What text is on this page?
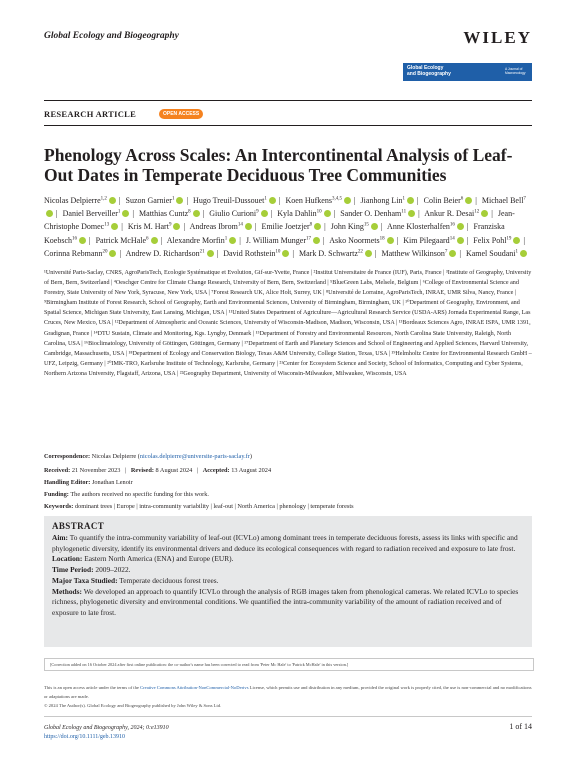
Global Ecology and Biogeography	WILEY
Global Ecology
and Biogeography
A Journal of Macroecology
RESEARCH ARTICLE	OPEN ACCESS
Phenology Across Scales: An Intercontinental Analysis of Leaf-Out Dates in Temperate Deciduous Tree Communities
Nicolas Delpierre$^{1,2}$ | Suzon Garnier$^1$ | Hugo Treuil-Dussouet$^1$ | Koen Hufkens$^{3,4,5}$ | Jianhong Lin$^1$ | Colin Beier$^6$ | Michael Bell$^7$| Daniel Berveiller$^1$ | Matthias Cuntz$^8$ | Giulio Curioni$^9$ | Kyla Dahlin$^{10}$ | Sander O. Denham$^{11}$ | Ankur R. Desai$^{12}$ | Jean-Christophe Domec$^{13}$ | Kris M. Hart$^9$ | Andreas Ibrom$^{14}$ | Emilie Joetzjer$^8$ | John King$^{15}$ | Anne Klosterhalfen$^{16}$ | Franziska Koebsch$^{16}$ | Patrick McHale$^6$ | Alexandre Morfin$^1$ | J. William Munger$^{17}$ | Asko Noormets$^{18}$ | Kim Pilegaard$^{14}$ | Felix Pohl$^{19}$ | Corinna Rebmann$^{20}$ | Andrew D. Richardson$^{21}$ | David Rothstein$^{10}$ | Mark D. Schwartz$^{22}$ | Matthew Wilkinson$^7$ | Kamel Soudani$^1$
¹Université Paris-Saclay, CNRS, AgroParisTech, Ecologie Systématique et Evolution, Gif-sur-Yvette, France | ²Institut Universitaire de France (IUF), Paris, France | ³Institute of Geography, University of Bern, Bern, Switzerland | ⁴Oeschger Centre for Climate Change Research, University of Bern, Bern, Switzerland | ⁵BlueGreen Labs, Melsele, Belgium | ⁶College of Environmental Science and Forestry, State University of New York, Syracuse, New York, USA | ⁷Forest Research UK, Alice Holt, Surrey, UK | ⁸Université de Lorraine, AgroParisTech, INRAE, UMR Silva, Nancy, France | ⁹Birmingham Institute of Forest Research, School of Geography, Earth and Environmental Sciences, University of Birmingham, Birmingham, UK | ¹⁰Department of Geography, Environment, and Spatial Science, Michigan State University, East Lansing, Michigan, USA | ¹¹United States Department of Agriculture—Agricultural Research Service (USDA-ARS) Jornada Experimental Range, Las Cruces, New Mexico, USA | ¹²Department of Atmospheric and Oceanic Sciences, University of Wisconsin-Madison, Madison, Wisconsin, USA | ¹³Bordeaux Sciences Agro, INRAE ISPA, UMR 1391, Gradignan, France | ¹⁴DTU Sustain, Climate and Monitoring, Kgs. Lyngby, Denmark | ¹⁵Department of Forestry and Environmental Resources, North Carolina State University, Raleigh, North Carolina, USA | ¹⁶Bioclimatology, University of Göttingen, Göttingen, Germany | ¹⁷Department of Earth and Planetary Sciences and School of Engineering and Applied Sciences, Harvard University, Cambridge, Massachusetts, USA | ¹⁸Department of Ecology and Conservation Biology, Texas A&M University, College Station, Texas, USA | ¹⁹Helmholtz Centre for Environmental Research GmbH – UFZ, Leipzig, Germany | ²⁰IMK-TRO, Karlsruhe Institute of Technology, Karlsruhe, Germany | ²¹Center for Ecosystem Science and Society, School of Informatics, Computing and Cyber Systems, Northern Arizona University, Flagstaff, Arizona, USA | ²²Geography Department, University of Wisconsin-Milwaukee, Milwaukee, Wisconsin, USA
Correspondence: Nicolas Delpierre (nicolas.delpierre@universite-paris-saclay.fr)
Received: 21 November 2023 | Revised: 8 August 2024 | Accepted: 13 August 2024
Handling Editor: Jonathan Lenoir
Funding: The authors received no specific funding for this work.
ABSTRACT

Aim: To quantify the intra-community variability of leaf-out (ICVLo) among dominant trees in temperate deciduous forests, assess its links with specific and phylogenetic diversity, identify its environmental drivers and deduce its ecological consequences with regard to radiation received and exposure to late frost.

Location: Eastern North America (ENA) and Europe (EUR).

Time Period: 2009–2022.

Major Taxa Studied: Temperate deciduous forest trees.

Methods: We developed an approach to quantify ICVLo through the analysis of RGB images taken from phenological cameras. We related ICVLo to species richness, phylogenetic diversity and environmental conditions. We quantified the intra-community variability of the amount of radiation received and of exposure to late frost.

Keywords: dominant trees | Europe | intra-community variability | leaf-out | North America | phenology | temperate forests
[Correction added on 16 October 2024 after first online publication: the co-author's name has been corrected to read from 'Peter Mc Hale' to 'Patrick McHale' in this version.]
This is an open access article under the terms of the Creative Commons Attribution-NonCommercial-NoDerivs License, which permits use and distribution in any medium, provided the original work is properly cited, the use is non-commercial and no modifications or adaptations are made.
© 2024 The Author(s). Global Ecology and Biogeography published by John Wiley & Sons Ltd.
Global Ecology and Biogeography, 2024; 0:e13910
https://doi.org/10.1111/geb.13910
1 of 14
